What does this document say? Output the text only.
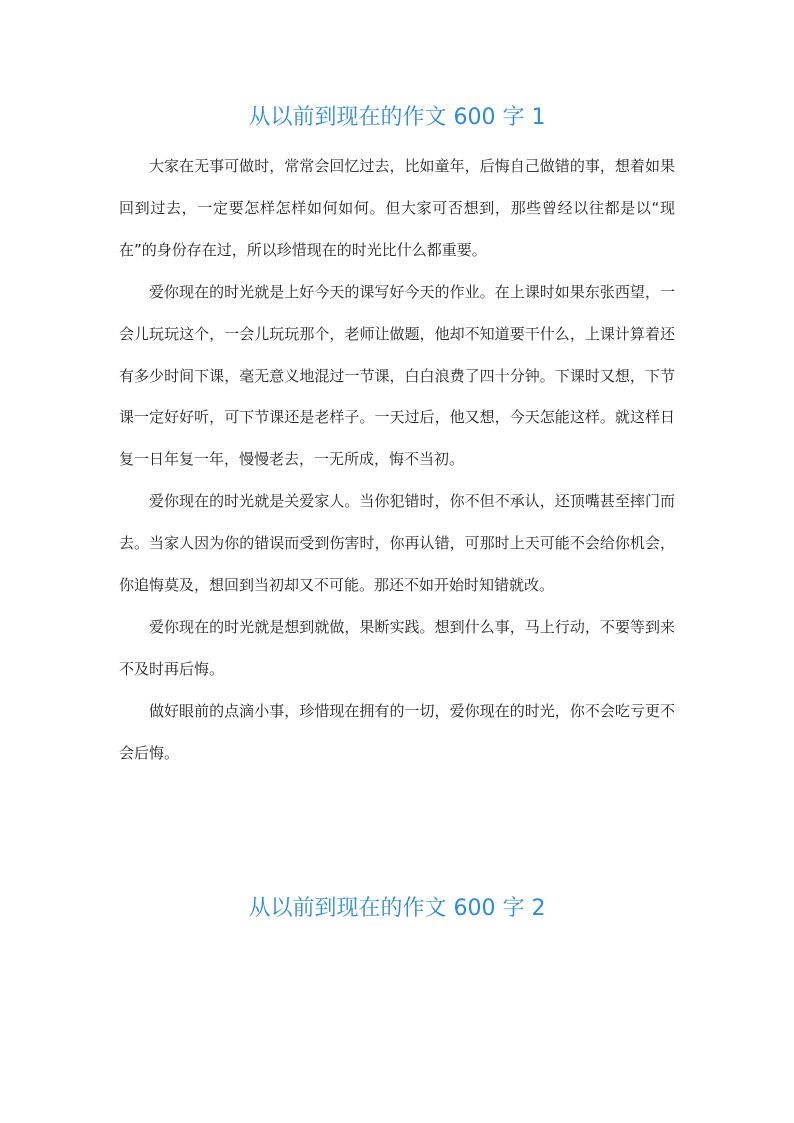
从以前到现在的作文 600 字 1

大家在无事可做时，常常会回忆过去，比如童年，后悔自己做错的事，想着如果回到过去，一定要怎样怎样如何如何。但大家可否想到，那些曾经以往都是以“现在”的身份存在过，所以珍惜现在的时光比什么都重要。

爱你现在的时光就是上好今天的课写好今天的作业。在上课时如果东张西望，一会儿玩玩这个，一会儿玩玩那个，老师让做题，他却不知道要干什么，上课计算着还有多少时间下课，毫无意义地混过一节课，白白浪费了四十分钟。下课时又想，下节课一定好好听，可下节课还是老样子。一天过后，他又想，今天怎能这样。就这样日复一日年复一年，慢慢老去，一无所成，悔不当初。

爱你现在的时光就是关爱家人。当你犯错时，你不但不承认，还顶嘴甚至摔门而去。当家人因为你的错误而受到伤害时，你再认错，可那时上天可能不会给你机会，你追悔莫及，想回到当初却又不可能。那还不如开始时知错就改。

爱你现在的时光就是想到就做，果断实践。想到什么事，马上行动，不要等到来不及时再后悔。

做好眼前的点滴小事，珍惜现在拥有的一切，爱你现在的时光，你不会吃亏更不会后悔。

从以前到现在的作文 600 字 2
